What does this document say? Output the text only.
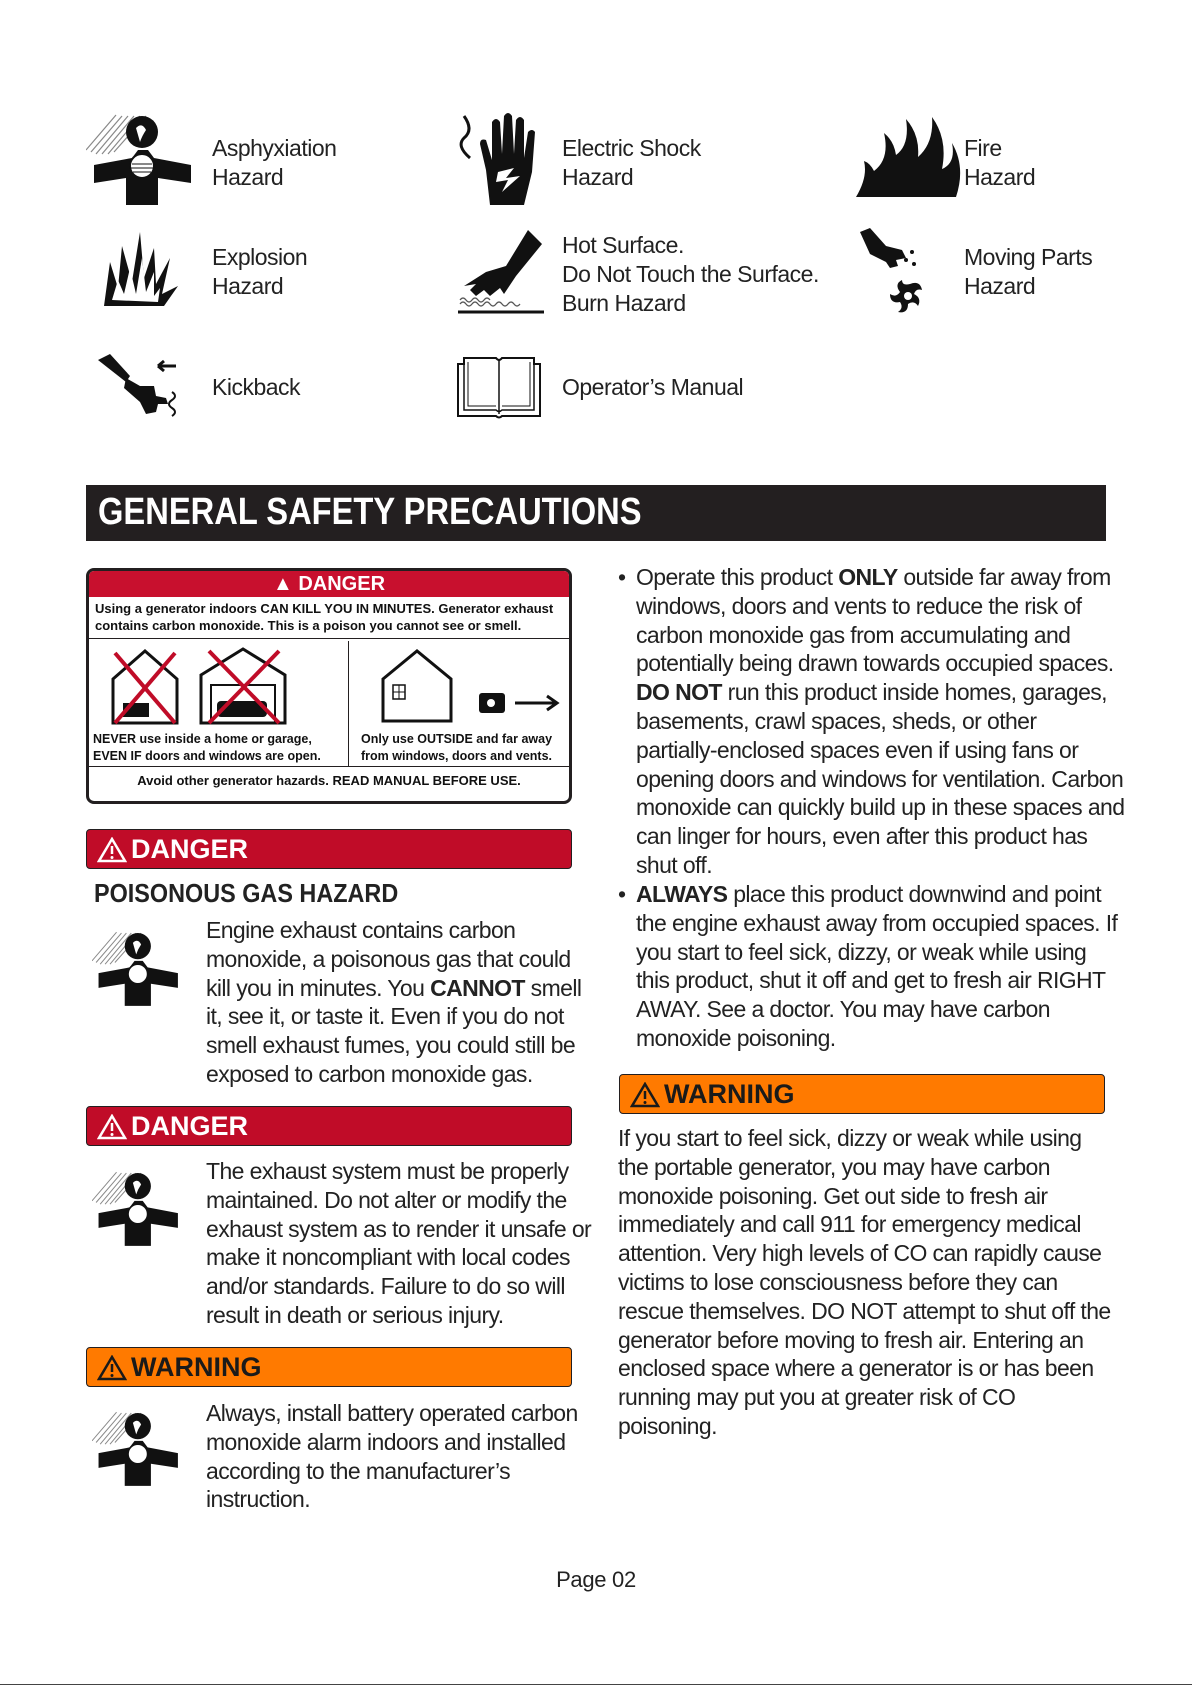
Asphyxiation
Hazard
Electric Shock
Hazard
Fire
Hazard
Explosion
Hazard
Hot Surface.
Do Not Touch the Surface.
Burn Hazard
Moving Parts
Hazard
Kickback	Operator’s Manual
GENERAL SAFETY PRECAUTIONS
▲ DANGER
Using a generator indoors CAN KILL YOU IN MINUTES. Generator exhaust
contains carbon monoxide. This is a poison you cannot see or smell.
NEVER use inside a home or garage,
EVEN IF doors and windows are open.
Only use OUTSIDE and far away
from windows, doors and vents.
Avoid other generator hazards. READ MANUAL BEFORE USE.
DANGER
POISONOUS GAS HAZARD
Engine exhaust contains carbon
monoxide, a poisonous gas that could
kill you in minutes. You CANNOT smell
it, see it, or taste it. Even if you do not
smell exhaust fumes, you could still be
exposed to carbon monoxide gas.
DANGER
The exhaust system must be properly
maintained. Do not alter or modify the
exhaust system as to render it unsafe or
make it noncompliant with local codes
and/or standards. Failure to do so will
result in death or serious injury.
WARNING
Always, install battery operated carbon
monoxide alarm indoors and installed
according to the manufacturer’s
instruction.
• Operate this product ONLY outside far away from
windows, doors and vents to reduce the risk of
carbon monoxide gas from accumulating and
potentially being drawn towards occupied spaces.
DO NOT run this product inside homes, garages,
basements, crawl spaces, sheds, or other
partially-enclosed spaces even if using fans or
opening doors and windows for ventilation. Carbon
monoxide can quickly build up in these spaces and
can linger for hours, even after this product has
shut off.
• ALWAYS place this product downwind and point
the engine exhaust away from occupied spaces. If
you start to feel sick, dizzy, or weak while using
this product, shut it off and get to fresh air RIGHT
AWAY. See a doctor. You may have carbon
monoxide poisoning.
WARNING
If you start to feel sick, dizzy or weak while using
the portable generator, you may have carbon
monoxide poisoning. Get out side to fresh air
immediately and call 911 for emergency medical
attention. Very high levels of CO can rapidly cause
victims to lose consciousness before they can
rescue themselves. DO NOT attempt to shut off the
generator before moving to fresh air. Entering an
enclosed space where a generator is or has been
running may put you at greater risk of CO
poisoning.
Page 02
